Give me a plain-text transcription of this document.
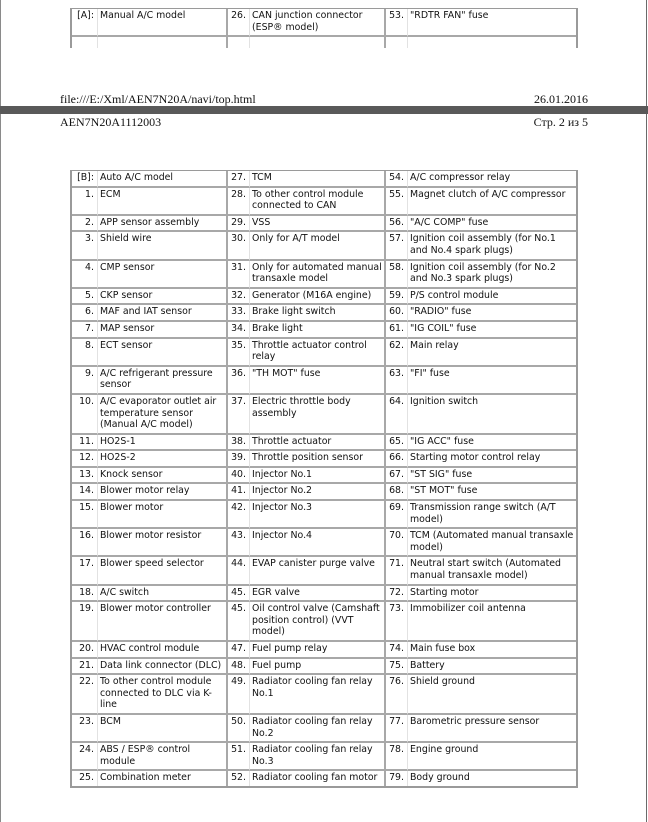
[A]:	Manual A/C model	26.	CAN junction connector (ESP® model)	53.	"RDTR FAN" fuse

file:///E:/Xml/AEN7N20A/navi/top.html	26.01.2016
AEN7N20A1112003	Стр. 2 из 5
[B]:	Auto A/C model	27.	TCM	54.	A/C compressor relay
1.	ECM	28.	To other control module connected to CAN	55.	Magnet clutch of A/C compressor
2.	APP sensor assembly	29.	VSS	56.	"A/C COMP" fuse
3.	Shield wire	30.	Only for A/T model	57.	Ignition coil assembly (for No.1 and No.4 spark plugs)
4.	CMP sensor	31.	Only for automated manual transaxle model	58.	Ignition coil assembly (for No.2 and No.3 spark plugs)
5.	CKP sensor	32.	Generator (M16A engine)	59.	P/S control module
6.	MAF and IAT sensor	33.	Brake light switch	60.	"RADIO" fuse
7.	MAP sensor	34.	Brake light	61.	"IG COIL" fuse
8.	ECT sensor	35.	Throttle actuator control relay	62.	Main relay
9.	A/C refrigerant pressure sensor	36.	"TH MOT" fuse	63.	"FI" fuse
10.	A/C evaporator outlet air temperature sensor (Manual A/C model)	37.	Electric throttle body assembly	64.	Ignition switch
11.	HO2S-1	38.	Throttle actuator	65.	"IG ACC" fuse
12.	HO2S-2	39.	Throttle position sensor	66.	Starting motor control relay
13.	Knock sensor	40.	Injector No.1	67.	"ST SIG" fuse
14.	Blower motor relay	41.	Injector No.2	68.	"ST MOT" fuse
15.	Blower motor	42.	Injector No.3	69.	Transmission range switch (A/T model)
16.	Blower motor resistor	43.	Injector No.4	70.	TCM (Automated manual transaxle model)
17.	Blower speed selector	44.	EVAP canister purge valve	71.	Neutral start switch (Automated manual transaxle model)
18.	A/C switch	45.	EGR valve	72.	Starting motor
19.	Blower motor controller	45.	Oil control valve (Camshaft position control) (VVT model)	73.	Immobilizer coil antenna
20.	HVAC control module	47.	Fuel pump relay	74.	Main fuse box
21.	Data link connector (DLC)	48.	Fuel pump	75.	Battery
22.	To other control module connected to DLC via K-line	49.	Radiator cooling fan relay No.1	76.	Shield ground
23.	BCM	50.	Radiator cooling fan relay No.2	77.	Barometric pressure sensor
24.	ABS / ESP® control module	51.	Radiator cooling fan relay No.3	78.	Engine ground
25.	Combination meter	52.	Radiator cooling fan motor	79.	Body ground
